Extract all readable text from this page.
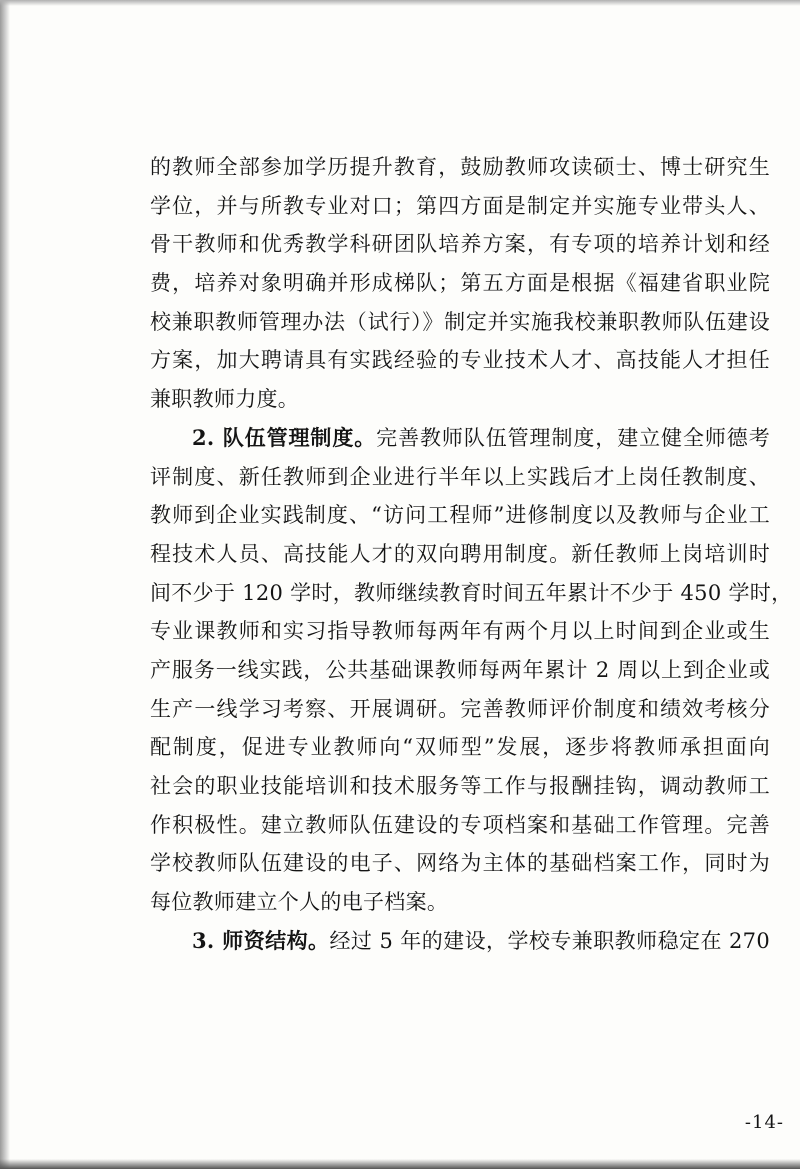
的教师全部参加学历提升教育，鼓励教师攻读硕士、博士研究生
学位，并与所教专业对口；第四方面是制定并实施专业带头人、
骨干教师和优秀教学科研团队培养方案，有专项的培养计划和经
费，培养对象明确并形成梯队；第五方面是根据《福建省职业院
校兼职教师管理办法（试行）》制定并实施我校兼职教师队伍建设
方案，加大聘请具有实践经验的专业技术人才、高技能人才担任
兼职教师力度。
2. 队伍管理制度。完善教师队伍管理制度，建立健全师德考
评制度、新任教师到企业进行半年以上实践后才上岗任教制度、
教师到企业实践制度、“访问工程师”进修制度以及教师与企业工
程技术人员、高技能人才的双向聘用制度。新任教师上岗培训时
间不少于 120 学时，教师继续教育时间五年累计不少于 450 学时，
专业课教师和实习指导教师每两年有两个月以上时间到企业或生
产服务一线实践，公共基础课教师每两年累计 2 周以上到企业或
生产一线学习考察、开展调研。完善教师评价制度和绩效考核分
配制度，促进专业教师向“双师型”发展，逐步将教师承担面向
社会的职业技能培训和技术服务等工作与报酬挂钩，调动教师工
作积极性。建立教师队伍建设的专项档案和基础工作管理。完善
学校教师队伍建设的电子、网络为主体的基础档案工作，同时为
每位教师建立个人的电子档案。
3. 师资结构。经过 5 年的建设，学校专兼职教师稳定在 270
-14-
